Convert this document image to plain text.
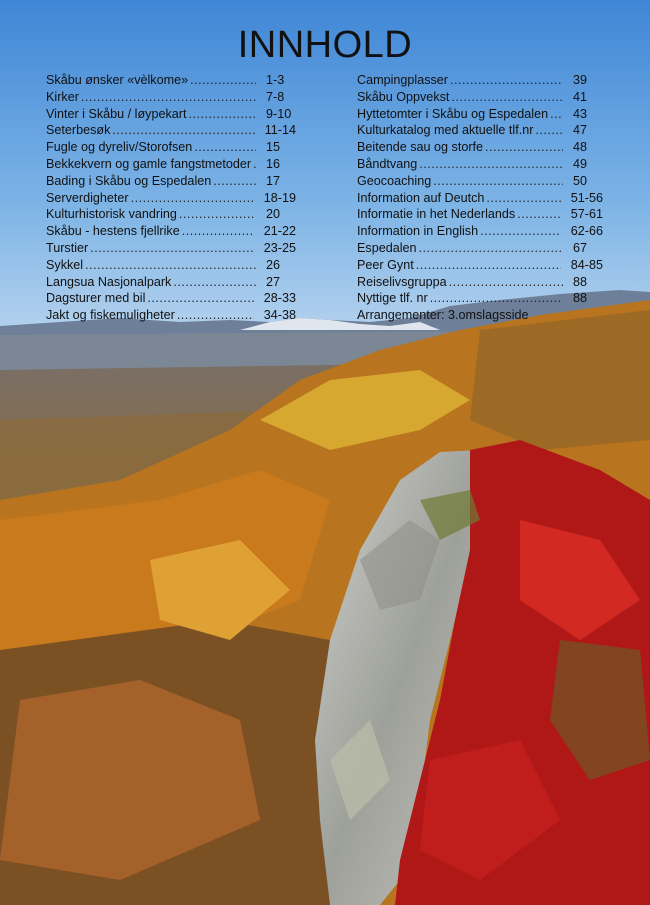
INNHOLD
Skåbu ønsker «vèlkome» .....	1-3
Kirker .....	7-8
Vinter i Skåbu / løypekart .....	9-10
Seterbesøk .....	11-14
Fugle og dyreliv/Storofsen .....	15
Bekkekvern og gamle fangstmetoder .....	16
Bading i Skåbu og Espedalen .....	17
Serverdigheter .....	18-19
Kulturhistorisk vandring .....	20
Skåbu - hestens fjellrike .....	21-22
Turstier .....	23-25
Sykkel .....	26
Langsua Nasjonalpark .....	27
Dagsturer med bil .....	28-33
Jakt og fiskemuligheter .....	34-38
Campingplasser .....	39
Skåbu Oppvekst .....	41
Hyttetomter i Skåbu og Espedalen .....	43
Kulturkatalog med aktuelle tlf.nr .....	47
Beitende sau og storfe .....	48
Båndtvang .....	49
Geocoaching .....	50
Information auf Deutch .....	51-56
Informatie in het Nederlands .....	57-61
Information in English .....	62-66
Espedalen .....	67
Peer Gynt .....	84-85
Reiselivsgruppa .....	88
Nyttige tlf. nr .....	88
Arrangementer: 3.omslagsside
